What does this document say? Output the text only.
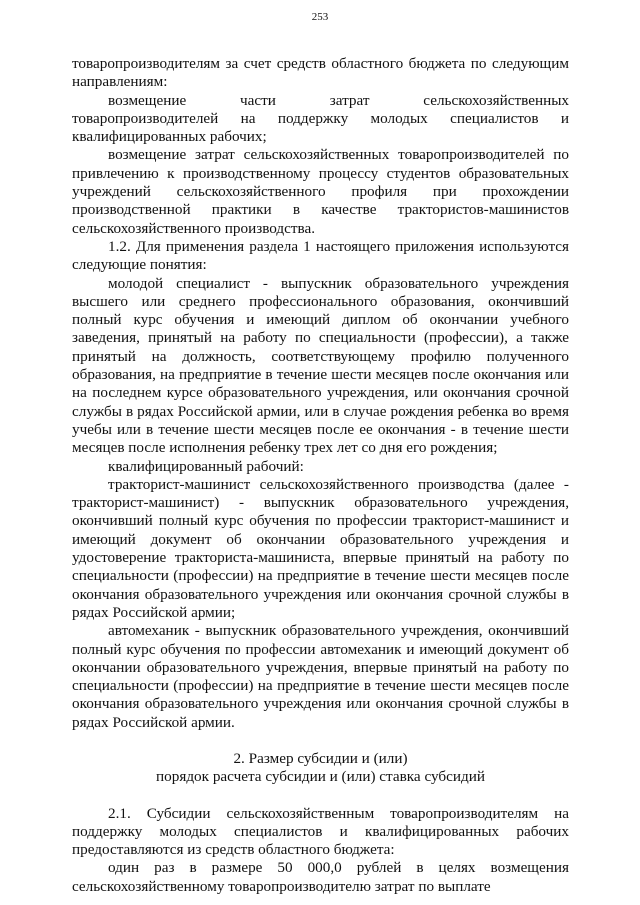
253

товаропроизводителям за счет средств областного бюджета по следующим направлениям:

возмещение части затрат сельскохозяйственных товаропроизводителей на поддержку молодых специалистов и квалифицированных рабочих;

возмещение затрат сельскохозяйственных товаропроизводителей по привлечению к производственному процессу студентов образовательных учреждений сельскохозяйственного профиля при прохождении производственной практики в качестве трактористов-машинистов сельскохозяйственного производства.

1.2. Для применения раздела 1 настоящего приложения используются следующие понятия:

молодой специалист - выпускник образовательного учреждения высшего или среднего профессионального образования, окончивший полный курс обучения и имеющий диплом об окончании учебного заведения, принятый на работу по специальности (профессии), а также принятый на должность, соответствующему профилю полученного образования, на предприятие в течение шести месяцев после окончания или на последнем курсе образовательного учреждения, или окончания срочной службы в рядах Российской армии, или в случае рождения ребенка во время учебы или в течение шести месяцев после ее окончания - в течение шести месяцев после исполнения ребенку трех лет со дня его рождения;

квалифицированный рабочий:

тракторист-машинист сельскохозяйственного производства (далее - тракторист-машинист) - выпускник образовательного учреждения, окончивший полный курс обучения по профессии тракторист-машинист и имеющий документ об окончании образовательного учреждения и удостоверение тракториста-машиниста, впервые принятый на работу по специальности (профессии) на предприятие в течение шести месяцев после окончания образовательного учреждения или окончания срочной службы в рядах Российской армии;

автомеханик - выпускник образовательного учреждения, окончивший полный курс обучения по профессии автомеханик и имеющий документ об окончании образовательного учреждения, впервые принятый на работу по специальности (профессии) на предприятие в течение шести месяцев после окончания образовательного учреждения или окончания срочной службы в рядах Российской армии.

2. Размер субсидии и (или)

порядок расчета субсидии и (или) ставка субсидий

2.1. Субсидии сельскохозяйственным товаропроизводителям на поддержку молодых специалистов и квалифицированных рабочих предоставляются из средств областного бюджета:

один раз в размере 50 000,0 рублей в целях возмещения сельскохозяйственному товаропроизводителю затрат по выплате
